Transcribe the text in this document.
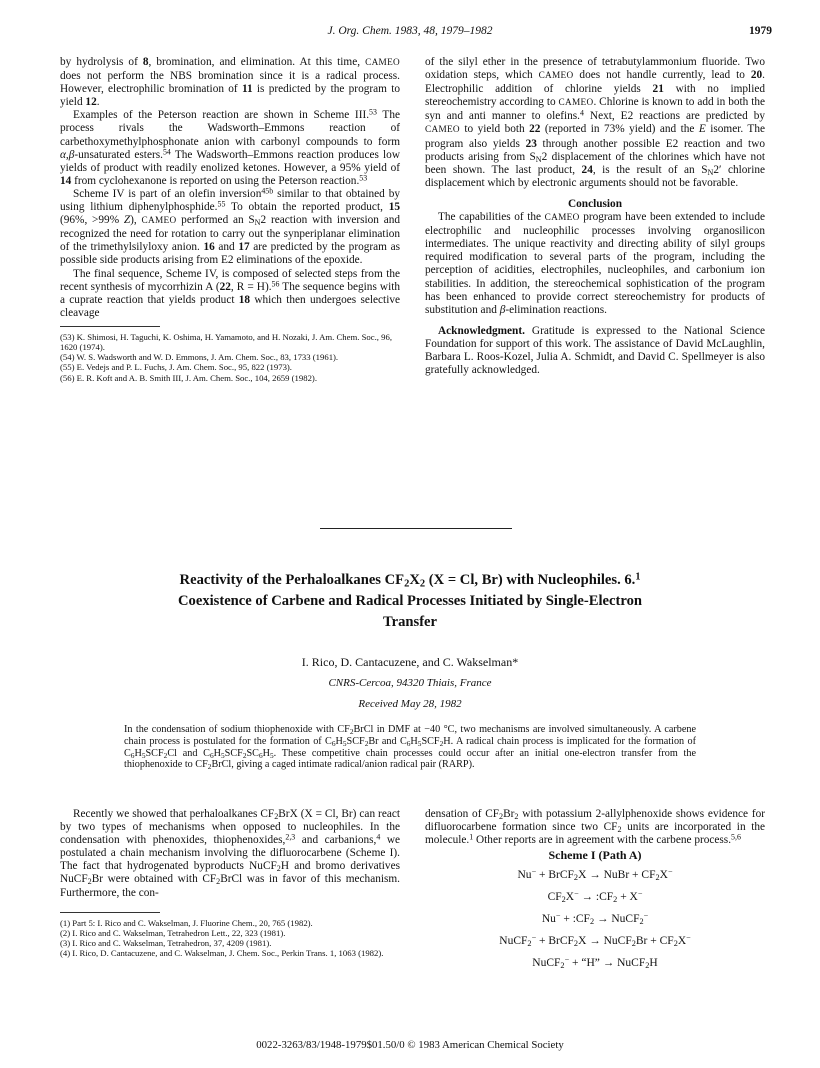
J. Org. Chem. 1983, 48, 1979–1982	1979

by hydrolysis of 8, bromination, and elimination. At this time, CAMEO does not perform the NBS bromination since it is a radical process. However, electrophilic bromination of 11 is predicted by the program to yield 12.

Examples of the Peterson reaction are shown in Scheme III.$^{53}$ The process rivals the Wadsworth–Emmons reaction of carbethoxymethylphosphonate anion with carbonyl compounds to form α,β-unsaturated esters.$^{54}$ The Wadsworth–Emmons reaction produces low yields of product with readily enolized ketones. However, a 95% yield of 14 from cyclohexanone is reported on using the Peterson reaction.$^{53}$

Scheme IV is part of an olefin inversion$^{45b}$ similar to that obtained by using lithium diphenylphosphide.$^{55}$ To obtain the reported product, 15 (96%, >99% Z), CAMEO performed an $S_N2$ reaction with inversion and recognized the need for rotation to carry out the synperiplanar elimination of the trimethylsilyloxy anion. 16 and 17 are predicted by the program as possible side products arising from E2 eliminations of the epoxide.

The final sequence, Scheme IV, is composed of selected steps from the recent synthesis of mycorrhizin A (22, R = H).$^{56}$ The sequence begins with a cuprate reaction that yields product 18 which then undergoes selective cleavage

(53) K. Shimosi, H. Taguchi, K. Oshima, H. Yamamoto, and H. Nozaki, J. Am. Chem. Soc., 96, 1620 (1974).

(54) W. S. Wadsworth and W. D. Emmons, J. Am. Chem. Soc., 83, 1733 (1961).

(55) E. Vedejs and P. L. Fuchs, J. Am. Chem. Soc., 95, 822 (1973).

(56) E. R. Koft and A. B. Smith III, J. Am. Chem. Soc., 104, 2659 (1982).

of the silyl ether in the presence of tetrabutylammonium fluoride. Two oxidation steps, which CAMEO does not handle currently, lead to 20. Electrophilic addition of chlorine yields 21 with no implied stereochemistry according to CAMEO. Chlorine is known to add in both the syn and anti manner to olefins.$^4$ Next, E2 reactions are predicted by CAMEO to yield both 22 (reported in 73% yield) and the E isomer. The program also yields 23 through another possible E2 reaction and two products arising from $S_N2$ displacement of the chlorines which have not been shown. The last product, 24, is the result of an $S_N2'$ chlorine displacement which by electronic arguments should not be favorable.

Conclusion

The capabilities of the CAMEO program have been extended to include electrophilic and nucleophilic processes involving organosilicon intermediates. The unique reactivity and directing ability of silyl groups required modification to several parts of the program, including the perception of acidities, electrophiles, nucleophiles, and carbonium ion stabilities. In addition, the stereochemical sophistication of the program has been enhanced to provide correct stereochemistry for products of substitution and β-elimination reactions.

Acknowledgment. Gratitude is expressed to the National Science Foundation for support of this work. The assistance of David McLaughlin, Barbara L. Roos-Kozel, Julia A. Schmidt, and David C. Spellmeyer is also gratefully acknowledged.

Reactivity of the Perhaloalkanes $CF_2X_2$ (X = Cl, Br) with Nucleophiles. 6.$^1$
Coexistence of Carbene and Radical Processes Initiated by Single-Electron
Transfer
I. Rico, D. Cantacuzene, and C. Wakselman*
CNRS-Cercoa, 94320 Thiais, France
Received May 28, 1982
In the condensation of sodium thiophenoxide with $CF_2BrCl$ in DMF at −40 °C, two mechanisms are involved simultaneously. A carbene chain process is postulated for the formation of $C_6H_5SCF_2Br$ and $C_6H_5SCF_2H$. A radical chain process is implicated for the formation of $C_6H_5SCF_2Cl$ and $C_6H_5SCF_2SC_6H_5$. These competitive chain processes could occur after an initial one-electron transfer from the thiophenoxide to $CF_2BrCl$, giving a caged intimate radical/anion radical pair (RARP).

Recently we showed that perhaloalkanes $CF_2BrX$ (X = Cl, Br) can react by two types of mechanisms when opposed to nucleophiles. In the condensation with phenoxides, thiophenoxides,$^{2,3}$ and carbanions,$^4$ we postulated a chain mechanism involving the difluorocarbene (Scheme I). The fact that hydrogenated byproducts NuCF$_2$H and bromo derivatives NuCF$_2$Br were obtained with $CF_2BrCl$ was in favor of this mechanism. Furthermore, the con-

(1) Part 5: I. Rico and C. Wakselman, J. Fluorine Chem., 20, 765 (1982).

(2) I. Rico and C. Wakselman, Tetrahedron Lett., 22, 323 (1981).

(3) I. Rico and C. Wakselman, Tetrahedron, 37, 4209 (1981).

(4) I. Rico, D. Cantacuzene, and C. Wakselman, J. Chem. Soc., Perkin Trans. 1, 1063 (1982).

densation of $CF_2Br_2$ with potassium 2-allylphenoxide shows evidence for difluorocarbene formation since two $CF_2$ units are incorporated in the molecule.$^1$ Other reports are in agreement with the carbene process.$^{5,6}$

Scheme I (Path A)
Nu− + BrCF$_2$X → NuBr + $CF_2X^-$
$CF_2X^-$ → $:CF_2 + X^-$
$Nu^- + :CF_2$ → NuCF$_2$−
NuCF$_2$− + BrCF$_2$X → NuCF$_2$Br + $CF_2X^-$
NuCF$_2$− + “H” → NuCF$_2$H
0022-3263/83/1948-1979$01.50/0 © 1983 American Chemical Society
